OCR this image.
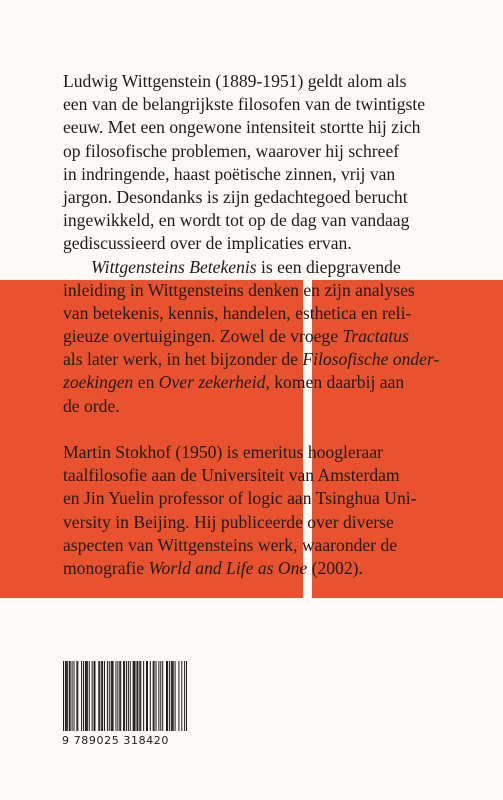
Ludwig Wittgenstein (1889-1951) geldt alom als
een van de belangrijkste filosofen van de twintigste
eeuw. Met een ongewone intensiteit stortte hij zich
op filosofische problemen, waarover hij schreef
in indringende, haast poëtische zinnen, vrij van
jargon. Desondanks is zijn gedachtegoed berucht
ingewikkeld, en wordt tot op de dag van vandaag
gediscussieerd over de implicaties ervan.
Wittgensteins Betekenis is een diepgravende
inleiding in Wittgensteins denken en zijn analyses
van betekenis, kennis, handelen, esthetica en reli-
gieuze overtuigingen. Zowel de vroege Tractatus
als later werk, in het bijzonder de Filosofische onder-
zoekingen en Over zekerheid, komen daarbij aan
de orde.
Martin Stokhof (1950) is emeritus hoogleraar
taalfilosofie aan de Universiteit van Amsterdam
en Jin Yuelin professor of logic aan Tsinghua Uni-
versity in Beijing. Hij publiceerde over diverse
aspecten van Wittgensteins werk, waaronder de
monografie World and Life as One (2002).
9 789025 318420
